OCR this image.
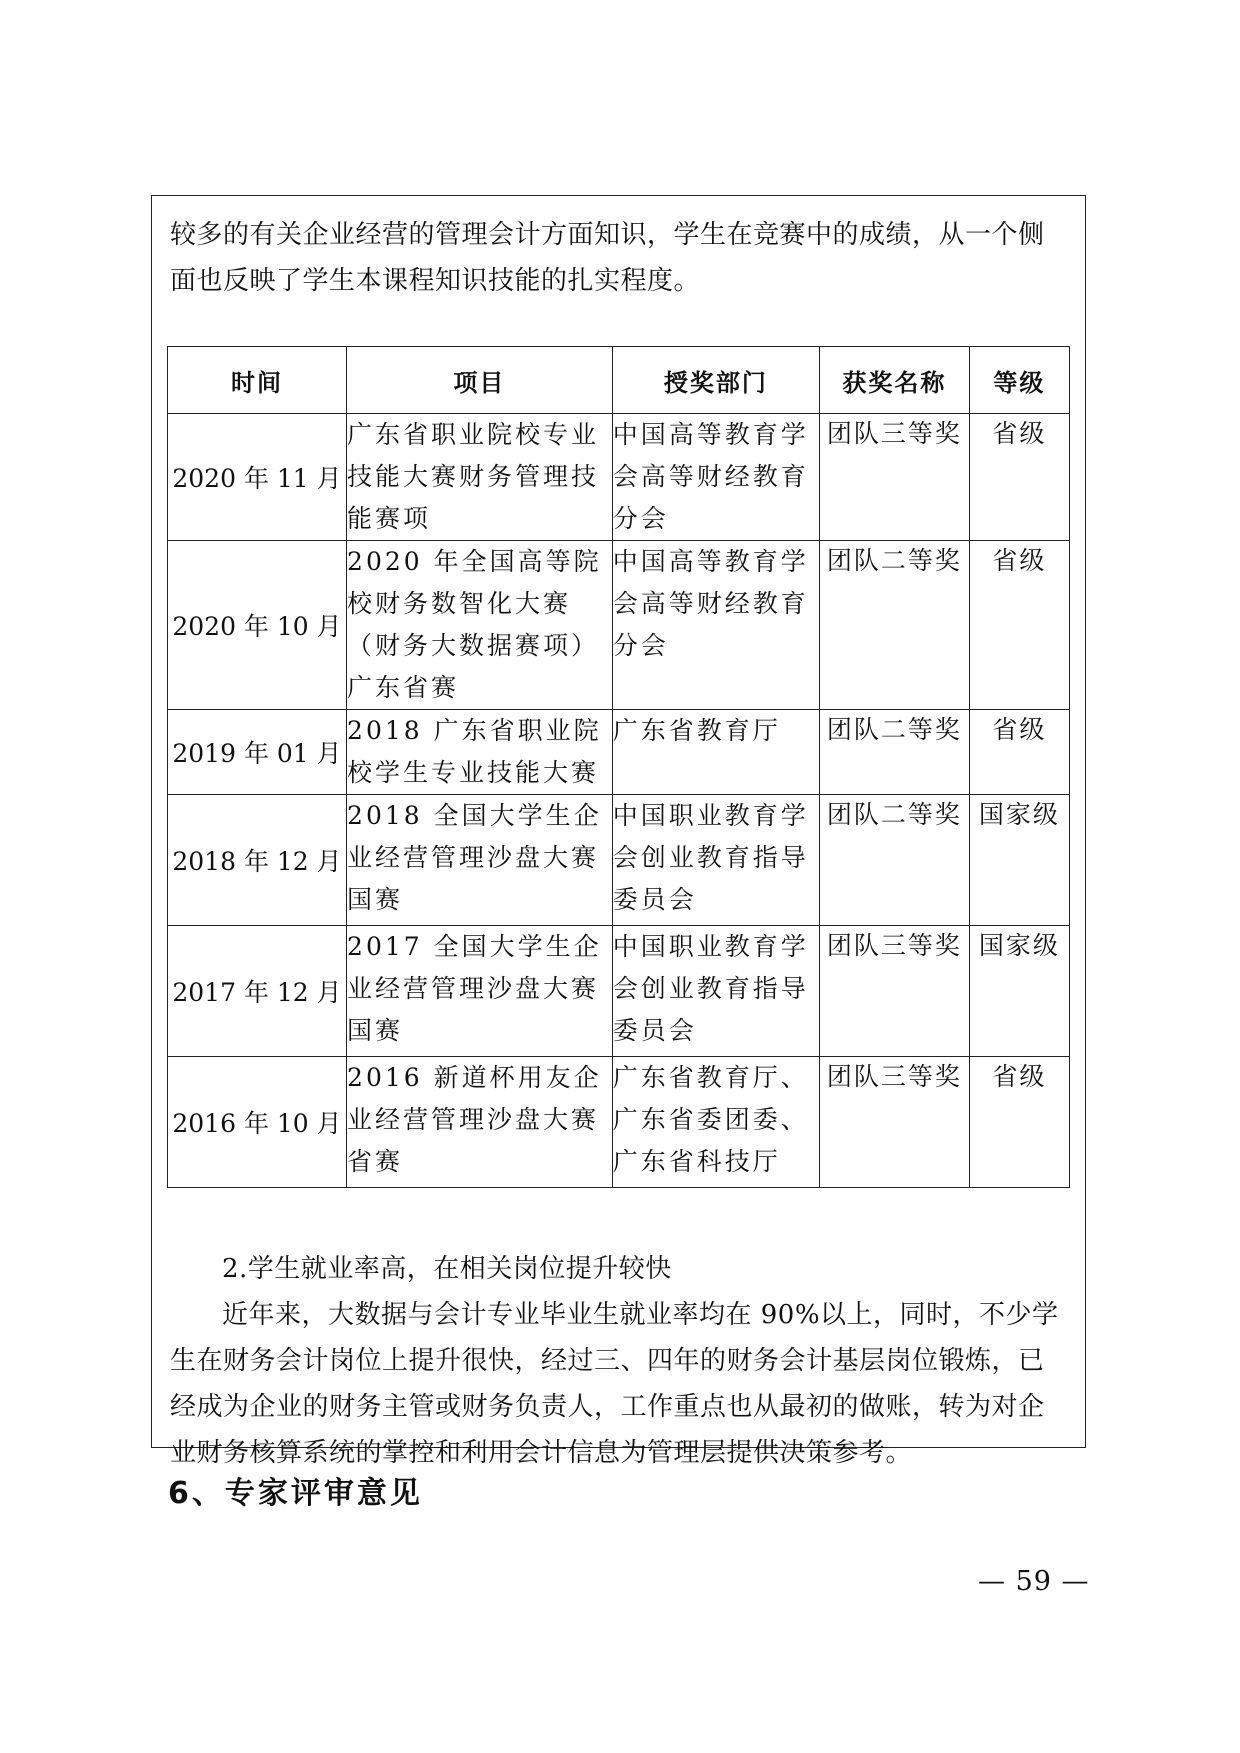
较多的有关企业经营的管理会计方面知识，学生在竞赛中的成绩，从一个侧面也反映了学生本课程知识技能的扎实程度。

时间	项目	授奖部门	获奖名称	等级
2020 年 11 月	广东省职业院校专业技能大赛财务管理技能赛项	中国高等教育学会高等财经教育分会	团队三等奖	省级
2020 年 10 月	2020 年全国高等院校财务数智化大赛（财务大数据赛项）广东省赛	中国高等教育学会高等财经教育分会	团队二等奖	省级
2019 年 01 月	2018 广东省职业院校学生专业技能大赛	广东省教育厅	团队二等奖	省级
2018 年 12 月	2018 全国大学生企业经营管理沙盘大赛国赛	中国职业教育学会创业教育指导委员会	团队二等奖	国家级
2017 年 12 月	2017 全国大学生企业经营管理沙盘大赛国赛	中国职业教育学会创业教育指导委员会	团队三等奖	国家级
2016 年 10 月	2016 新道杯用友企业经营管理沙盘大赛省赛	广东省教育厅、广东省委团委、广东省科技厅	团队三等奖	省级
2.学生就业率高，在相关岗位提升较快
近年来，大数据与会计专业毕业生就业率均在 90%以上，同时，不少学生在财务会计岗位上提升很快，经过三、四年的财务会计基层岗位锻炼，已经成为企业的财务主管或财务负责人，工作重点也从最初的做账，转为对企业财务核算系统的掌控和利用会计信息为管理层提供决策参考。
6、专家评审意见
— 59 —
